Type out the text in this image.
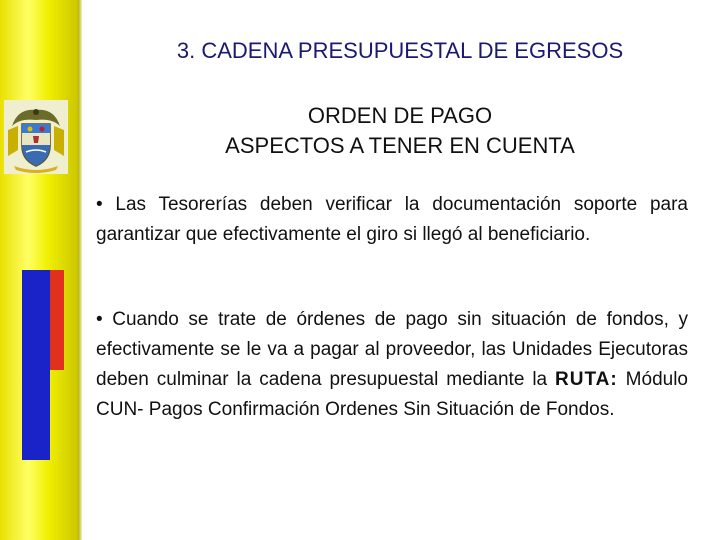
3. CADENA PRESUPUESTAL DE EGRESOS
ORDEN DE PAGO
ASPECTOS A TENER EN CUENTA

• Las Tesorerías deben verificar la documentación soporte para garantizar que efectivamente el giro si llegó al beneficiario.

• Cuando se trate de órdenes de pago sin situación de fondos, y efectivamente se le va a pagar al proveedor, las Unidades Ejecutoras deben culminar la cadena presupuestal mediante la RUTA: Módulo CUN- Pagos Confirmación Ordenes Sin Situación de Fondos.
